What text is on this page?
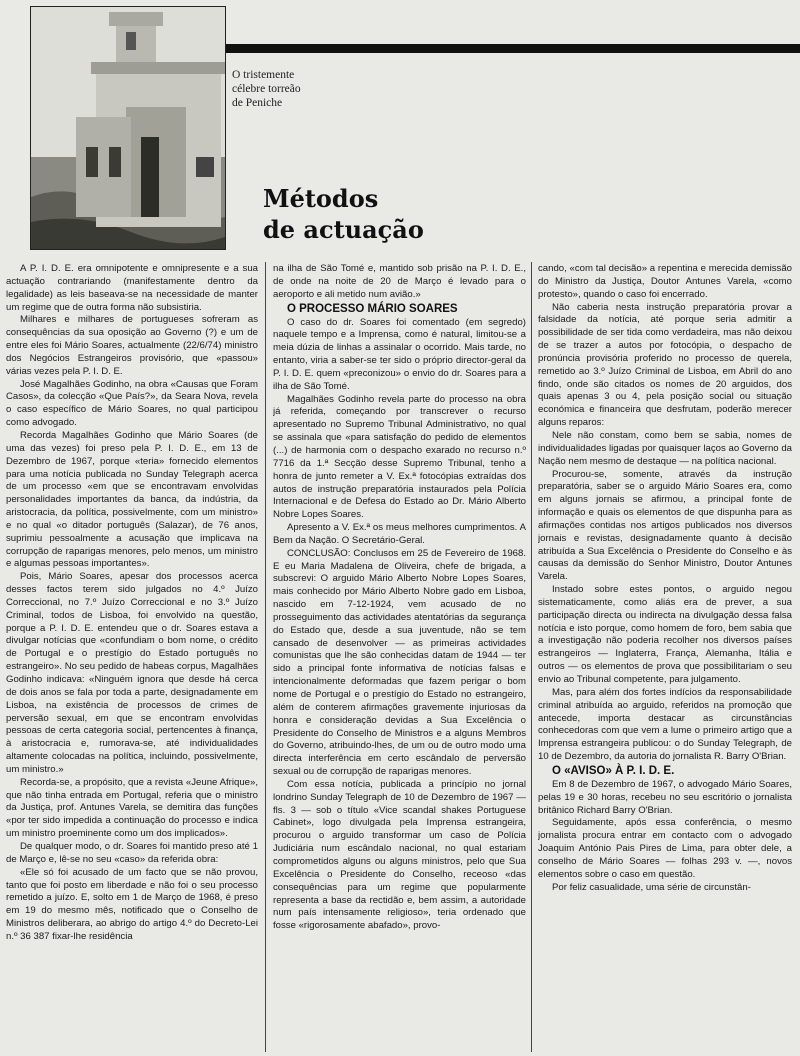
O tristemente
célebre torreão
de Peniche
Métodos
de actuação

A P. I. D. E. era omnipotente e omnipresente e a sua actuação contrariando (manifestamente dentro da legalidade) as leis baseava-se na necessidade de manter um regime que de outra forma não subsistiria.

Milhares e milhares de portugueses sofreram as consequências da sua oposição ao Governo (?) e um de entre eles foi Mário Soares, actualmente (22/6/74) ministro dos Negócios Estrangeiros provisório, que «passou» várias vezes pela P. I. D. E.

José Magalhães Godinho, na obra «Causas que Foram Casos», da colecção «Que País?», da Seara Nova, revela o caso específico de Mário Soares, no qual participou como advogado.

Recorda Magalhães Godinho que Mário Soares (de uma das vezes) foi preso pela P. I. D. E., em 13 de Dezembro de 1967, porque «teria» fornecido elementos para uma notícia publicada no Sunday Telegraph acerca de um processo «em que se encontravam envolvidas personalidades importantes da banca, da indústria, da aristocracia, da política, possivelmente, com um ministro» e no qual «o ditador português (Salazar), de 76 anos, suprimiu pessoalmente a acusação que implicava na corrupção de raparigas menores, pelo menos, um ministro e algumas pessoas importantes».

Pois, Mário Soares, apesar dos processos acerca desses factos terem sido julgados no 4.º Juízo Correccional, no 7.º Juízo Correccional e no 3.º Juízo Criminal, todos de Lisboa, foi envolvido na questão, porque a P. I. D. E. entendeu que o dr. Soares estava a divulgar notícias que «confundiam o bom nome, o crédito de Portugal e o prestígio do Estado português no estrangeiro». No seu pedido de habeas corpus, Magalhães Godinho indicava: «Ninguém ignora que desde há cerca de dois anos se fala por toda a parte, designadamente em Lisboa, na existência de processos de crimes de perversão sexual, em que se encontram envolvidas pessoas de certa categoria social, pertencentes à finança, à aristocracia e, rumorava-se, até individualidades altamente colocadas na política, incluindo, possivelmente, um ministro.»

Recorda-se, a propósito, que a revista «Jeune Afrique», que não tinha entrada em Portugal, referia que o ministro da Justiça, prof. Antunes Varela, se demitira das funções «por ter sido impedida a continuação do processo e indica um ministro proeminente como um dos implicados».

De qualquer modo, o dr. Soares foi mantido preso até 1 de Março e, lê-se no seu «caso» da referida obra:

«Ele só foi acusado de um facto que se não provou, tanto que foi posto em liberdade e não foi o seu processo remetido a juízo. E, solto em 1 de Março de 1968, é preso em 19 do mesmo mês, notificado que o Conselho de Ministros deliberara, ao abrigo do artigo 4.º do Decreto-Lei n.º 36 387 fixar-lhe residência

na ilha de São Tomé e, mantido sob prisão na P. I. D. E., de onde na noite de 20 de Março é levado para o aeroporto e ali metido num avião.»

O PROCESSO MÁRIO SOARES

O caso do dr. Soares foi comentado (em segredo) naquele tempo e a Imprensa, como é natural, limitou-se a meia dúzia de linhas a assinalar o ocorrido. Mais tarde, no entanto, viria a saber-se ter sido o próprio director-geral da P. I. D. E. quem «preconizou» o envio do dr. Soares para a ilha de São Tomé.

Magalhães Godinho revela parte do processo na obra já referida, começando por transcrever o recurso apresentado no Supremo Tribunal Administrativo, no qual se assinala que «para satisfação do pedido de elementos (...) de harmonia com o despacho exarado no recurso n.º 7716 da 1.ª Secção desse Supremo Tribunal, tenho a honra de junto remeter a V. Ex.ª fotocópias extraídas dos autos de instrução preparatória instaurados pela Polícia Internacional e de Defesa do Estado ao Dr. Mário Alberto Nobre Lopes Soares.

Apresento a V. Ex.ª os meus melhores cumprimentos. A Bem da Nação. O Secretário-Geral.

CONCLUSÃO: Conclusos em 25 de Fevereiro de 1968. E eu Maria Madalena de Oliveira, chefe de brigada, a subscrevi: O arguido Mário Alberto Nobre Lopes Soares, mais conhecido por Mário Alberto Nobre gado em Lisboa, nascido em 7-12-1924, vem acusado de no prosseguimento das actividades atentatórias da segurança do Estado que, desde a sua juventude, não se tem cansado de desenvolver — as primeiras actividades comunistas que lhe são conhecidas datam de 1944 — ter sido a principal fonte informativa de notícias falsas e intencionalmente deformadas que fazem perigar o bom nome de Portugal e o prestígio do Estado no estrangeiro, além de conterem afirmações gravemente injuriosas da honra e consideração devidas a Sua Excelência o Presidente do Conselho de Ministros e a alguns Membros do Governo, atribuindo-lhes, de um ou de outro modo uma directa interferência em certo escândalo de perversão sexual ou de corrupção de raparigas menores.

Com essa notícia, publicada a princípio no jornal londrino Sunday Telegraph de 10 de Dezembro de 1967 — fls. 3 — sob o título «Vice scandal shakes Portuguese Cabinet», logo divulgada pela Imprensa estrangeira, procurou o arguido transformar um caso de Polícia Judiciária num escândalo nacional, no qual estariam comprometidos alguns ou alguns ministros, pelo que Sua Excelência o Presidente do Conselho, receoso «das consequências para um regime que popularmente representa a base da rectidão e, bem assim, a autoridade num país intensamente religioso», teria ordenado que fosse «rigorosamente abafado», provo-

cando, «com tal decisão» a repentina e merecida demissão do Ministro da Justiça, Doutor Antunes Varela, «como protesto», quando o caso foi encerrado.

Não caberia nesta instrução preparatória provar a falsidade da notícia, até porque seria admitir a possibilidade de ser tida como verdadeira, mas não deixou de se trazer a autos por fotocópia, o despacho de pronúncia provisória proferido no processo de querela, remetido ao 3.º Juízo Criminal de Lisboa, em Abril do ano findo, onde são citados os nomes de 20 arguidos, dos quais apenas 3 ou 4, pela posição social ou situação económica e financeira que desfrutam, poderão merecer alguns reparos:

Nele não constam, como bem se sabia, nomes de individualidades ligadas por quaisquer laços ao Governo da Nação nem mesmo de destaque — na política nacional.

Procurou-se, somente, através da instrução preparatória, saber se o arguido Mário Soares era, como em alguns jornais se afirmou, a principal fonte de informação e quais os elementos de que dispunha para as afirmações contidas nos artigos publicados nos diversos jornais e revistas, designadamente quanto à decisão atribuída a Sua Excelência o Presidente do Conselho e às causas da demissão do Senhor Ministro, Doutor Antunes Varela.

Instado sobre estes pontos, o arguido negou sistematicamente, como aliás era de prever, a sua participação directa ou indirecta na divulgação dessa falsa notícia e isto porque, como homem de foro, bem sabia que a investigação não poderia recolher nos diversos países estrangeiros — Inglaterra, França, Alemanha, Itália e outros — os elementos de prova que possibilitariam o seu envio ao Tribunal competente, para julgamento.

Mas, para além dos fortes indícios da responsabilidade criminal atribuída ao arguido, referidos na promoção que antecede, importa destacar as circunstâncias conhecedoras com que vem a lume o primeiro artigo que a Imprensa estrangeira publicou: o do Sunday Telegraph, de 10 de Dezembro, da autoria do jornalista R. Barry O'Brian.

O «AVISO» À P. I. D. E.

Em 8 de Dezembro de 1967, o advogado Mário Soares, pelas 19 e 30 horas, recebeu no seu escritório o jornalista britânico Richard Barry O'Brian.

Seguidamente, após essa conferência, o mesmo jornalista procura entrar em contacto com o advogado Joaquim António Pais Pires de Lima, para obter dele, a conselho de Mário Soares — folhas 293 v. —, novos elementos sobre o caso em questão.

Por feliz casualidade, uma série de circunstân-
